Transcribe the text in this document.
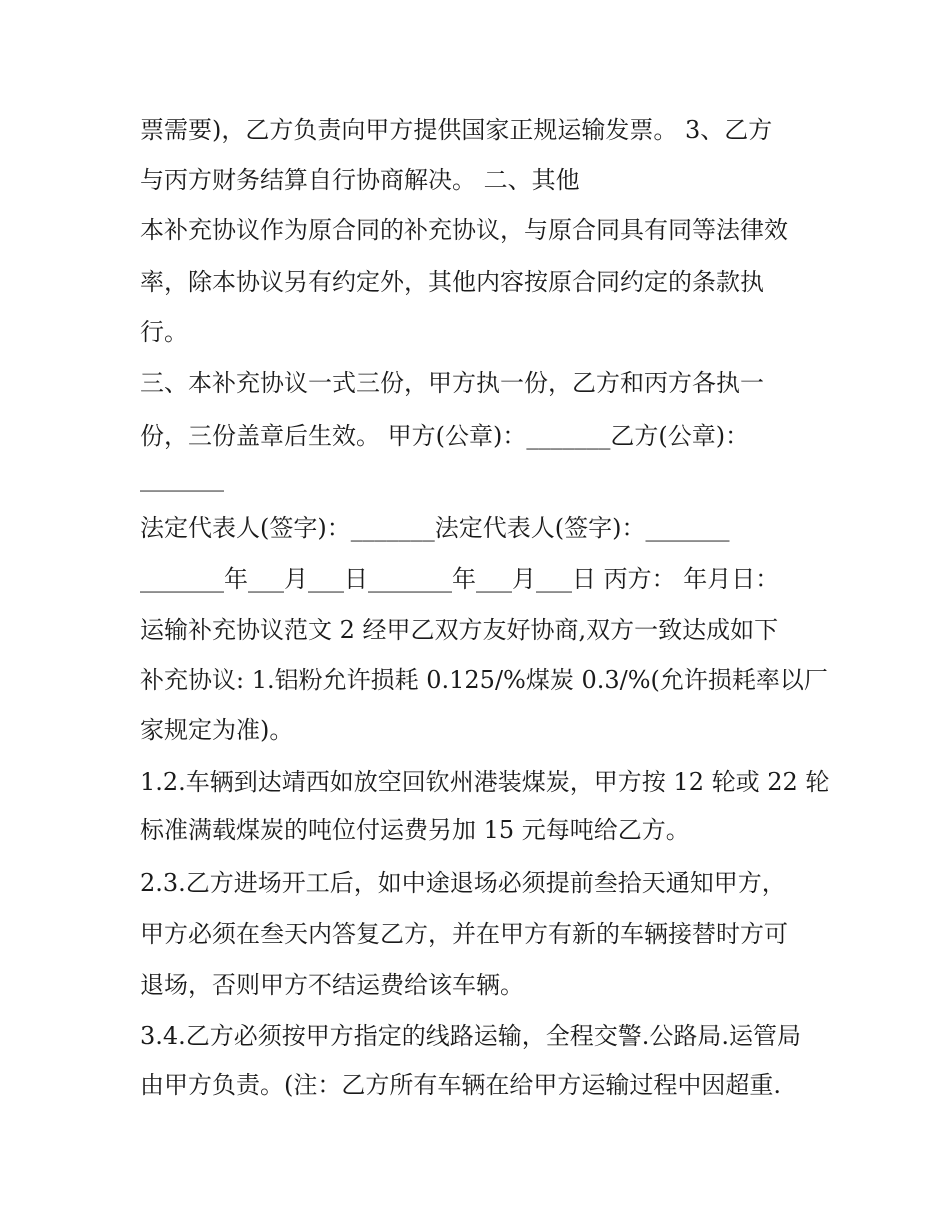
票需要)，乙方负责向甲方提供国家正规运输发票。 3、乙方
与丙方财务结算自行协商解决。 二、其他
本补充协议作为原合同的补充协议，与原合同具有同等法律效
率，除本协议另有约定外，其他内容按原合同约定的条款执
行。
三、本补充协议一式三份，甲方执一份，乙方和丙方各执一
份，三份盖章后生效。 甲方(公章)：_______乙方(公章)：
_______
法定代表人(签字)：_______法定代表人(签字)：_______
_______年___月___日_______年___月___日 丙方： 年月日：
运输补充协议范文 2 经甲乙双方友好协商,双方一致达成如下
补充协议: 1.铝粉允许损耗 0.125/%煤炭 0.3/%(允许损耗率以厂
家规定为准)。
1.2.车辆到达靖西如放空回钦州港装煤炭，甲方按 12 轮或 22 轮
标准满载煤炭的吨位付运费另加 15 元每吨给乙方。
2.3.乙方进场开工后，如中途退场必须提前叁拾天通知甲方，
甲方必须在叁天内答复乙方，并在甲方有新的车辆接替时方可
退场，否则甲方不结运费给该车辆。
3.4.乙方必须按甲方指定的线路运输，全程交警.公路局.运管局
由甲方负责。(注：乙方所有车辆在给甲方运输过程中因超重.
